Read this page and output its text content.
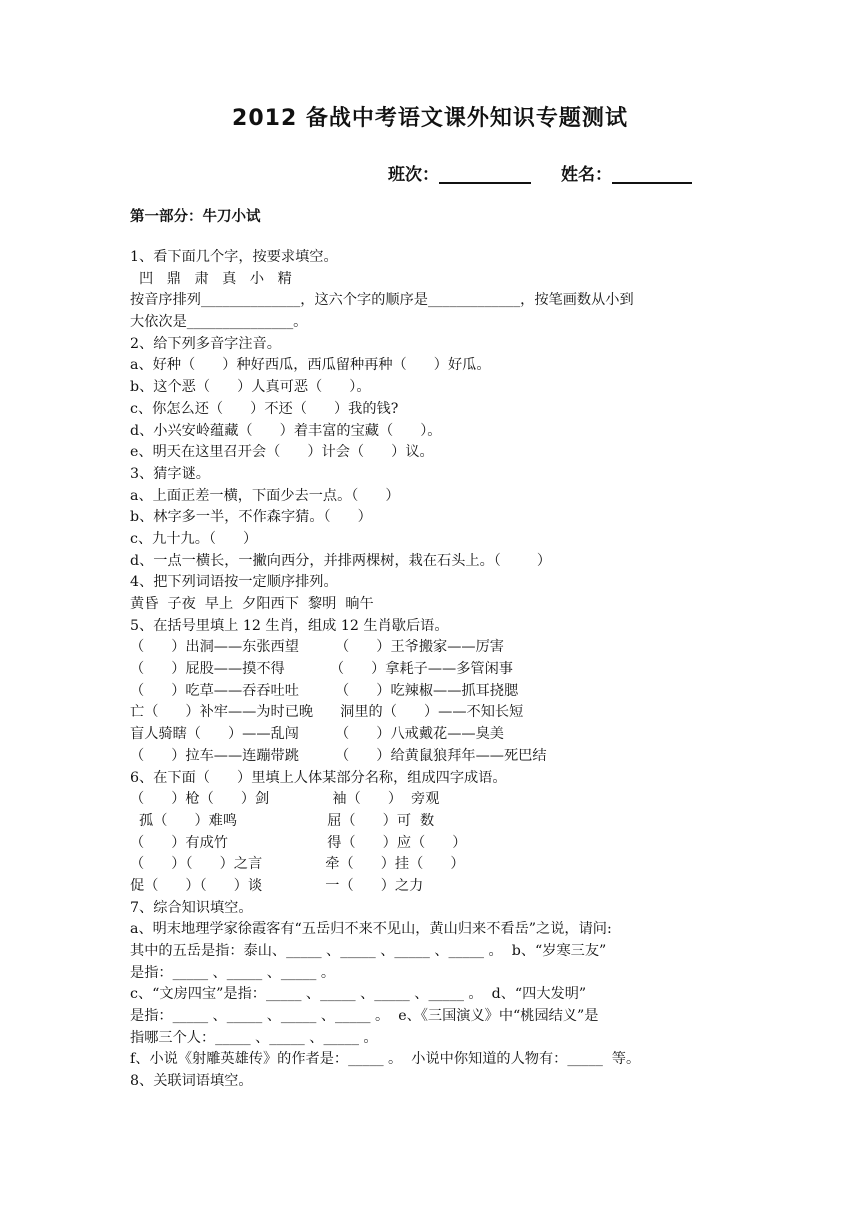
2012 备战中考语文课外知识专题测试
班次：	姓名：
第一部分：牛刀小试
1、看下面几个字，按要求填空。
凹   鼎   肃   真   小   精
按音序排列______________，这六个字的顺序是_____________，按笔画数从小到
大依次是_______________。
2、给下列多音字注音。
a、好种（      ）种好西瓜，西瓜留种再种（      ）好瓜。
b、这个恶（      ）人真可恶（      ）。
c、你怎么还（      ）不还（      ）我的钱?
d、小兴安岭蕴藏（      ）着丰富的宝藏（      ）。
e、明天在这里召开会（      ）计会（      ）议。
3、猜字谜。
a、上面正差一横，下面少去一点。（      ）
b、林字多一半，不作森字猜。（      ）
c、九十九。（      ）
d、一点一横长，一撇向西分，并排两棵树，栽在石头上。（        ）
4、把下列词语按一定顺序排列。
黄昏  子夜  早上  夕阳西下  黎明  晌午
5、在括号里填上 12 生肖，组成 12 生肖歇后语。
（      ）出洞——东张西望        （      ）王爷搬家——厉害
（      ）屁股——摸不得          （      ）拿耗子——多管闲事
（      ）吃草——吞吞吐吐        （      ）吃辣椒——抓耳挠腮
亡（      ）补牢——为时已晚      洞里的（      ）——不知长短
盲人骑瞎（      ）——乱闯        （      ）八戒戴花——臭美
（      ）拉车——连蹦带跳        （      ）给黄鼠狼拜年——死巴结
6、在下面（      ）里填上人体某部分名称，组成四字成语。
（      ）枪（      ）剑              袖（      ）  旁观
孤（      ）难鸣                    屈（      ）可  数
（      ）有成竹                      得（      ）应（      ）
（      ）（      ）之言              牵（      ）挂（      ）
促（      ）（      ）谈              一（      ）之力
7、综合知识填空。
a、明末地理学家徐霞客有“五岳归不来不见山，黄山归来不看岳”之说，请问:
其中的五岳是指：泰山、_____ 、_____ 、_____ 、_____ 。  b、“岁寒三友”
是指：_____ 、_____ 、_____ 。
c、“文房四宝”是指：_____ 、_____ 、_____ 、_____ 。  d、“四大发明”
是指：_____ 、_____ 、_____ 、_____ 。  e、《三国演义》中“桃园结义”是
指哪三个人：_____ 、_____ 、_____ 。
f、小说《射雕英雄传》的作者是：_____ 。  小说中你知道的人物有：_____  等。
8、关联词语填空。
